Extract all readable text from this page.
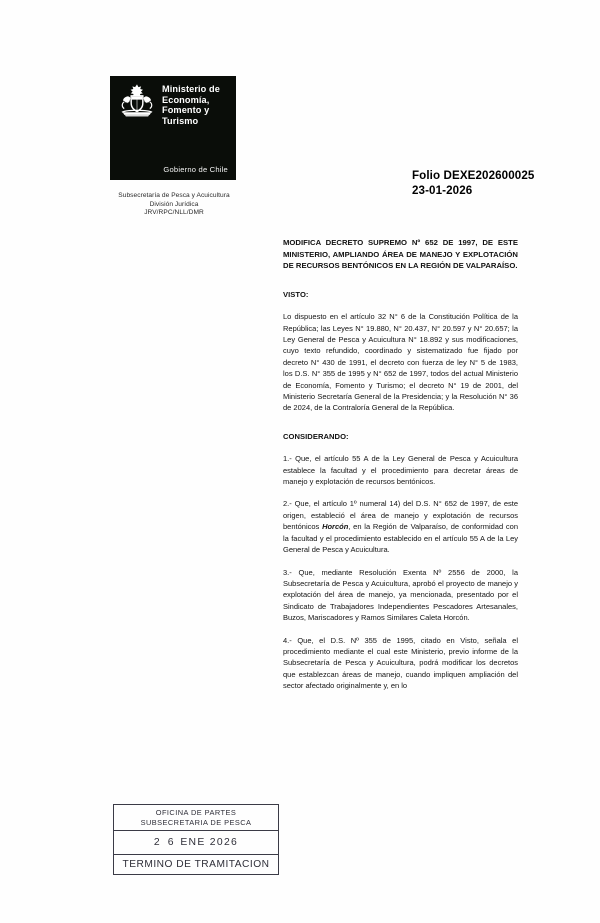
Ministerio de
Economía,
Fomento y
Turismo
Gobierno de Chile
Subsecretaría de Pesca y Acuicultura
División Jurídica
JRV/RPC/NLL/DMR
Folio DEXE202600025
23-01-2026
MODIFICA DECRETO SUPREMO Nº 652 DE 1997, DE ESTE MINISTERIO, AMPLIANDO ÁREA DE MANEJO Y EXPLOTACIÓN DE RECURSOS BENTÓNICOS EN LA REGIÓN DE VALPARAÍSO.
VISTO:

Lo dispuesto en el artículo 32 N° 6 de la Constitución Política de la República; las Leyes N° 19.880, N° 20.437, N° 20.597 y N° 20.657; la Ley General de Pesca y Acuicultura N° 18.892 y sus modificaciones, cuyo texto refundido, coordinado y sistematizado fue fijado por decreto N° 430 de 1991, el decreto con fuerza de ley N° 5 de 1983, los D.S. N° 355 de 1995 y N° 652 de 1997, todos del actual Ministerio de Economía, Fomento y Turismo; el decreto N° 19 de 2001, del Ministerio Secretaría General de la Presidencia; y la Resolución N° 36 de 2024, de la Contraloría General de la República.

CONSIDERANDO:

1.- Que, el artículo 55 A de la Ley General de Pesca y Acuicultura establece la facultad y el procedimiento para decretar áreas de manejo y explotación de recursos bentónicos.

2.- Que, el artículo 1º numeral 14) del D.S. N° 652 de 1997, de este origen, estableció el área de manejo y explotación de recursos bentónicos Horcón, en la Región de Valparaíso, de conformidad con la facultad y el procedimiento establecido en el artículo 55 A de la Ley General de Pesca y Acuicultura.

3.- Que, mediante Resolución Exenta Nº 2556 de 2000, la Subsecretaría de Pesca y Acuicultura, aprobó el proyecto de manejo y explotación del área de manejo, ya mencionada, presentado por el Sindicato de Trabajadores Independientes Pescadores Artesanales, Buzos, Mariscadores y Ramos Similares Caleta Horcón.

4.- Que, el D.S. Nº 355 de 1995, citado en Visto, señala el procedimiento mediante el cual este Ministerio, previo informe de la Subsecretaría de Pesca y Acuicultura, podrá modificar los decretos que establezcan áreas de manejo, cuando impliquen ampliación del sector afectado originalmente y, en lo

OFICINA DE PARTES
SUBSECRETARIA DE PESCA
2 6 ENE 2026
TERMINO DE TRAMITACION
